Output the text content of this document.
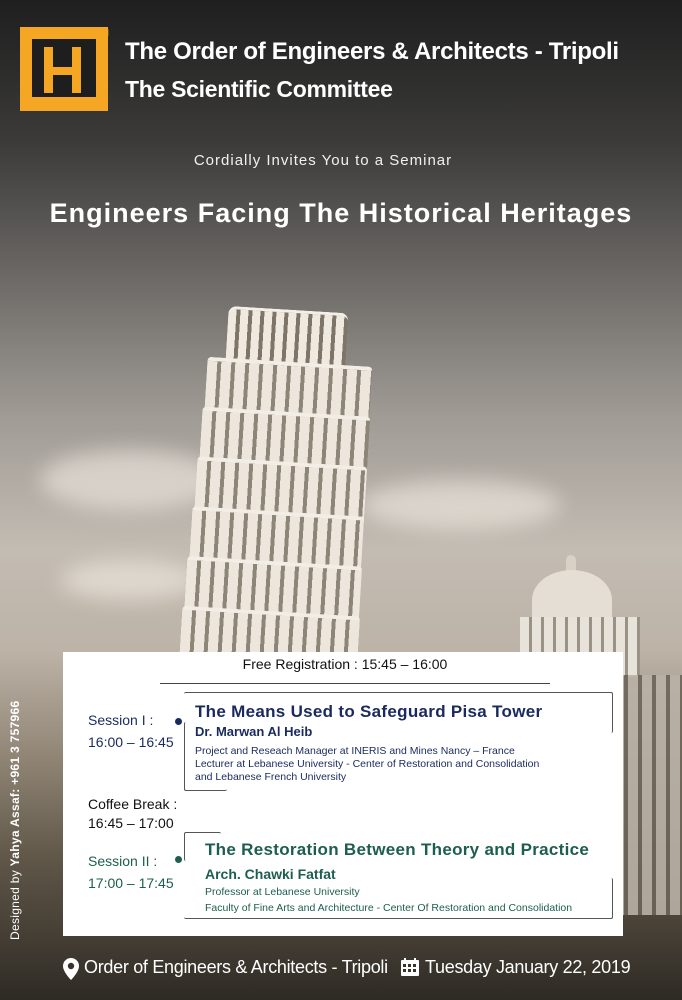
المهندسين
لبنان
The Order of Engineers & Architects - Tripoli
The Scientific Committee
Cordially Invites You to a Seminar
Engineers Facing The Historical Heritages
Free Registration : 15:45 – 16:00
Session I :
16:00 – 16:45
The Means Used to Safeguard Pisa Tower
Dr. Marwan Al Heib
Project and Reseach Manager at INERIS and Mines Nancy – France
Lecturer at Lebanese University - Center of Restoration and Consolidation
and Lebanese French University
Coffee Break :
16:45 – 17:00
Session II :
17:00 – 17:45
The Restoration Between Theory and Practice
Arch. Chawki Fatfat
Professor at Lebanese University
Faculty of Fine Arts and Architecture - Center Of Restoration and Consolidation
Designed by Yahya Assaf: +961 3 757966
Order of Engineers & Architects - Tripoli Tuesday January 22, 2019
